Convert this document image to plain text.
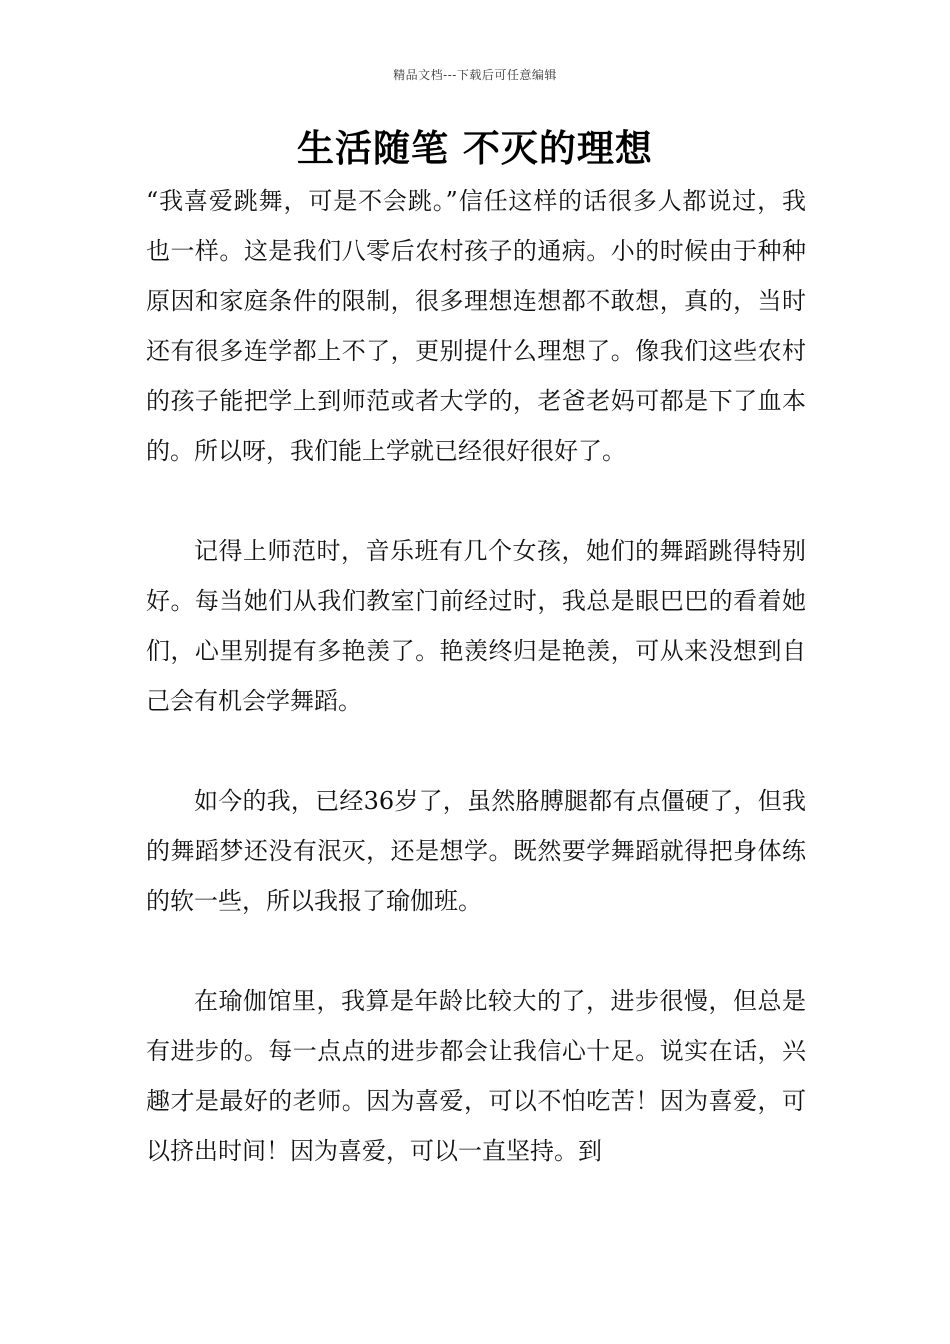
精品文档---下载后可任意编辑
生活随笔 不灭的理想

“我喜爱跳舞，可是不会跳。”信任这样的话很多人都说过，我也一样。这是我们八零后农村孩子的通病。小的时候由于种种原因和家庭条件的限制，很多理想连想都不敢想，真的，当时还有很多连学都上不了，更别提什么理想了。像我们这些农村的孩子能把学上到师范或者大学的，老爸老妈可都是下了血本的。所以呀，我们能上学就已经很好很好了。

记得上师范时，音乐班有几个女孩，她们的舞蹈跳得特别好。每当她们从我们教室门前经过时，我总是眼巴巴的看着她们，心里别提有多艳羡了。艳羡终归是艳羡，可从来没想到自己会有机会学舞蹈。

如今的我，已经36岁了，虽然胳膊腿都有点僵硬了，但我的舞蹈梦还没有泯灭，还是想学。既然要学舞蹈就得把身体练的软一些，所以我报了瑜伽班。

在瑜伽馆里，我算是年龄比较大的了，进步很慢，但总是有进步的。每一点点的进步都会让我信心十足。说实在话，兴趣才是最好的老师。因为喜爱，可以不怕吃苦！因为喜爱，可以挤出时间！因为喜爱，可以一直坚持。到
